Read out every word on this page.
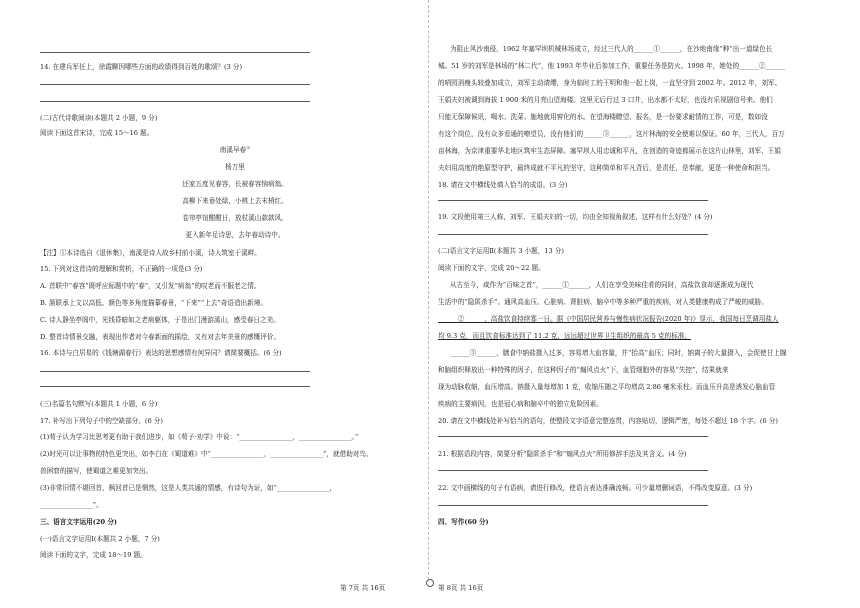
14. 在建兵军任上，徐霞聊因哪些方面的政绩得到百姓的歌颂？(3 分)
(二)古代诗歌阅读(本题共 2 小题，9 分)
阅读下面这首宋诗，完成 15～16 题。
南溪早春①
杨万里
还家五度见春容，长被春容恼病翁。
高柳下来垂处绿，小桃上去末梢红。
卷帘亭馆酣酣日，放杖溪山款款风。
更入新年足诗思，去年春动诗中。
【注】①本诗选自《退休集》，南溪是诗人故乡村前小溪，诗人筑室于溪畔。
15. 下列对这首诗的理解和赏析，不正确的一项是(3 分)
A. 首联中“春容”既呼应标题中的“春”，又引发“病翁”的叹老而不服老之情。
B. 颔联承上文以高低、颜色等多角度描摹春景，“下来”“上去”奇语造出新境。
C. 诗人静坐亭阁中，光线昏暗如之老病躯体，于是出门漫游溪山，感受春日之美。
D. 整首诗情景交融，表现出作者对今春新面的摇绘，又有对去年美景的感慨评价。
16. 本诗与白居易的《钱塘湖春行》表达的思想感情有何异同？请简要概括。(6 分)
(三)名篇名句默写(本题共 1 小题，6 分)
17. 补写出下列句子中的空缺部分。(6 分)
(1)荀子认为学习比思考更有助于我们进步，如《荀子·劝学》中说：“________________，________________。”
(2)时光可以让事物的特色更突出，如李白在《蜀道难》中“________________，________________”，就借助对鸟、
兽困窘的描写，使蜀道之难更加突出。
(3)非常旧情不堪回首，枫回首已是惘然，这是人类共通的情感，有诗句为证，如“________________，
________________”。
三、语言文字运用(20 分)
(一)语言文字运用Ⅰ(本题共 2 小题，7 分)
阅读下面的文字，完成 18～19 题。
为阻止风沙南侵，1962 年塞罕坝机械林场成立，经过三代人的______①______，在沙地南缘“种”出一道绿色长
城。51 岁的刘军是林场的“林二代”，他 1993 年毕业后参加工作，重要任务是防火。1998 年，她处的______②______
的哨园消瘦头较叠加成立，刘军主动请缨，身为临时工的王明和他一起上岗，一直坚守到 2002 年。2012 年，刘军、
王娟夫妇被调到海拔 1 900 米的月亮山望海楼。这里无后行过 3 口井，出水都不太好，也没有乐视剧信号来。他们
只能无保障候讯，喝水、洗菜、施地就用窖化的水。在望海楼瞭望、报名，是一份要求耐情的工作，可是，数如没
有这个岗位，没有众多看通的嘹望员，没有他们的______③______，这片林海的安全使难以保证。60 年，三代人，百万
亩林海，为京津重要华北地区筑牢生态屏障。塞罕坝人用忠诚和平凡，在创造的奇迹都展示在这片山林里，刘军、王娟
夫妇用高度的绝原型守护，最终成就不平凡的坚守，这种简单和平凡背后，是责任，是奉献，更是一种使命和担当。
18. 请在文中横线处填入恰当的成语。(3 分)
19. 文段使用第三人称，刘军、王娟夫妇的一切，均由全知视角叙述，这样有什么好处？(4 分)
(二)语言文字运用Ⅱ(本题共 3 小题，13 分)
阅读下面的文字，完成 20～22 题。
从古至今，咸作为“百味之首”，______①______，人们在享受美味佳肴的同时，高盐饮食却逐渐成为现代
生活中的“隐匿杀手”。通风高血压、心脏病、肾脏病、脑卒中等多种严重的疾病，对人类健康构成了严峻的威胁。
______②______，高盐饮食持续寡一日。据《中国居民营养与慢性病状况报告(2020 年)》显示，我国每日烹调用盐人
均 9.3 克，而且饮食标准达到了 11.2 克，远远超过世界卫生组织的最高 5 克的标准。
______③______，膳食中钠盐摄入过多，容易增大血容量，并“抬高”血压；同时，钠离子的大量摄入，会促使甘上腺
和脑组织释放出一种特殊的因子，在这种因子的“煽风点火”下，血管细胞外的容易“失控”，结果就来
现为动脉收缩，血压增高。钠摄入量每增加 1 克，收缩压随之平均增高 2.86 毫米汞柱。而血压升高是诱发心脑血管
疾病的主要病因，也是冠心病和脑卒中的独立危险因素。
20. 请在文中横线处补写恰当的语句，使整段文字语意完整连贯，内容贴切，逻辑严密，每处不超过 18 个字。(6 分)
21. 根据语段内容，简要分析“隐匿杀手”和“煽风点火”所用修辞手法及其含义。(4 分)
22. 文中画横线的句子有语病，请进行修改，使语言表达准确流畅。可少量增删词语，不得改变原意。(3 分)
四、写作(60 分)
第 7页 共 16页	第 8页 共 16页
